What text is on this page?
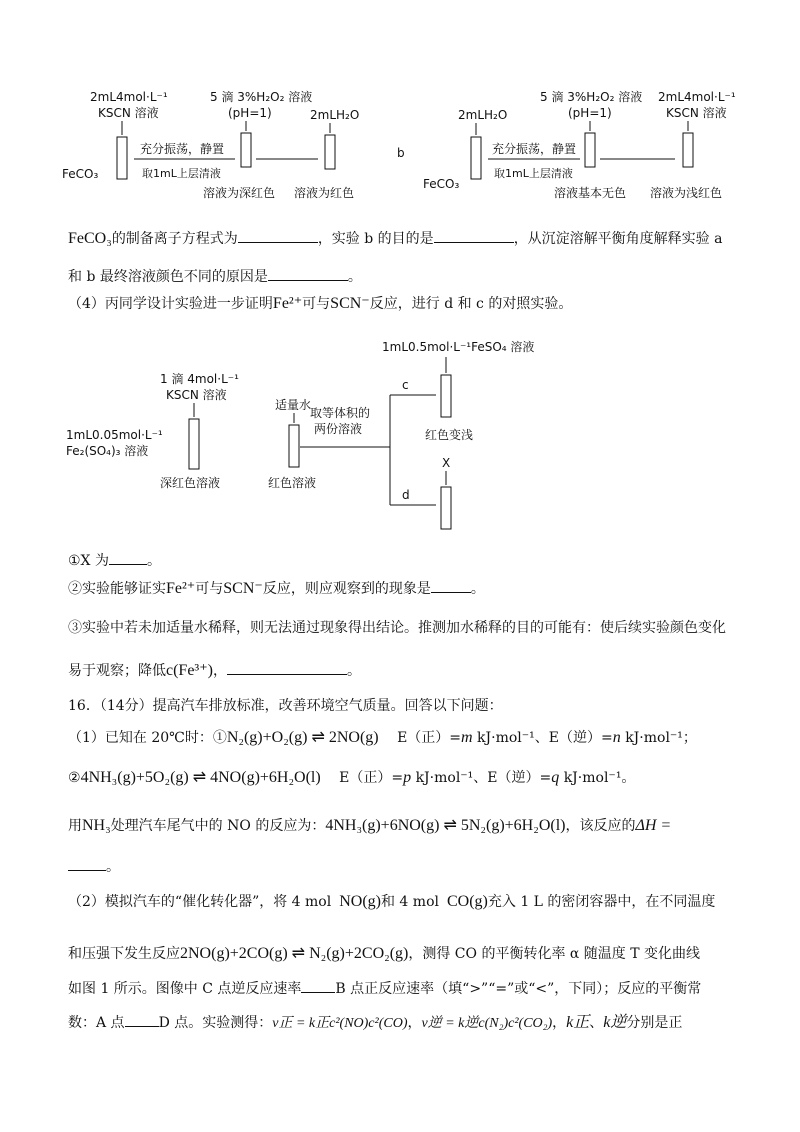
2mL4mol·L⁻¹
KSCN 溶液
FeCO₃
5 滴 3%H₂O₂ 溶液
(pH=1)	2mLH₂O
充分振荡，静置
取1mL上层清液
溶液为深红色 溶液为红色
b
2mLH₂O
FeCO₃
5 滴 3%H₂O₂ 溶液
(pH=1)
2mL4mol·L⁻¹
KSCN 溶液
充分振荡，静置
取1mL上层清液
溶液基本无色 溶液为浅红色
FeCO₃的制备离子方程式为	，实验 b 的目的是	，从沉淀溶解平衡角度解释实验 a
和 b 最终溶液颜色不同的原因是	。
（4）丙同学设计实验进一步证明Fe²⁺可与SCN⁻反应，进行 d 和 c 的对照实验。
1mL0.5mol·L⁻¹FeSO₄ 溶液
1 滴 4mol·L⁻¹
KSCN 溶液
1mL0.05mol·L⁻¹
Fe₂(SO₄)₃ 溶液
深红色溶液
适量水
红色溶液
取等体积的
两份溶液
c
d
红色变浅
X
①X 为	。
②实验能够证实Fe²⁺可与SCN⁻反应，则应观察到的现象是	。
③实验中若未加适量水稀释，则无法通过现象得出结论。推测加水稀释的目的可能有：使后续实验颜色变化
易于观察；降低c(Fe³⁺)，	。
16．（14分）提高汽车排放标准，改善环境空气质量。回答以下问题：
（1）已知在 20℃时：①N₂(g)+O₂(g) ⇌ 2NO(g) E（正）=m kJ·mol⁻¹、E（逆）=n kJ·mol⁻¹；
②4NH₃(g)+5O₂(g) ⇌ 4NO(g)+6H₂O(l) E（正）=p kJ·mol⁻¹、E（逆）=q kJ·mol⁻¹。
用NH₃处理汽车尾气中的 NO 的反应为：4NH₃(g)+6NO(g) ⇌ 5N₂(g)+6H₂O(l)，该反应的ΔH =
。
（2）模拟汽车的“催化转化器”，将 4 mol NO(g)和 4 mol CO(g)充入 1 L 的密闭容器中，在不同温度
和压强下发生反应2NO(g)+2CO(g) ⇌ N₂(g)+2CO₂(g)，测得 CO 的平衡转化率 α 随温度 T 变化曲线
如图 1 所示。图像中 C 点逆反应速率 B 点正反应速率（填“>”“=”或“<”，下同）；反应的平衡常
数：A 点 D 点。实验测得：v正 = k正c²(NO)c²(CO)，v逆 = k逆c(N₂)c²(CO₂)，k正、k逆分别是正
